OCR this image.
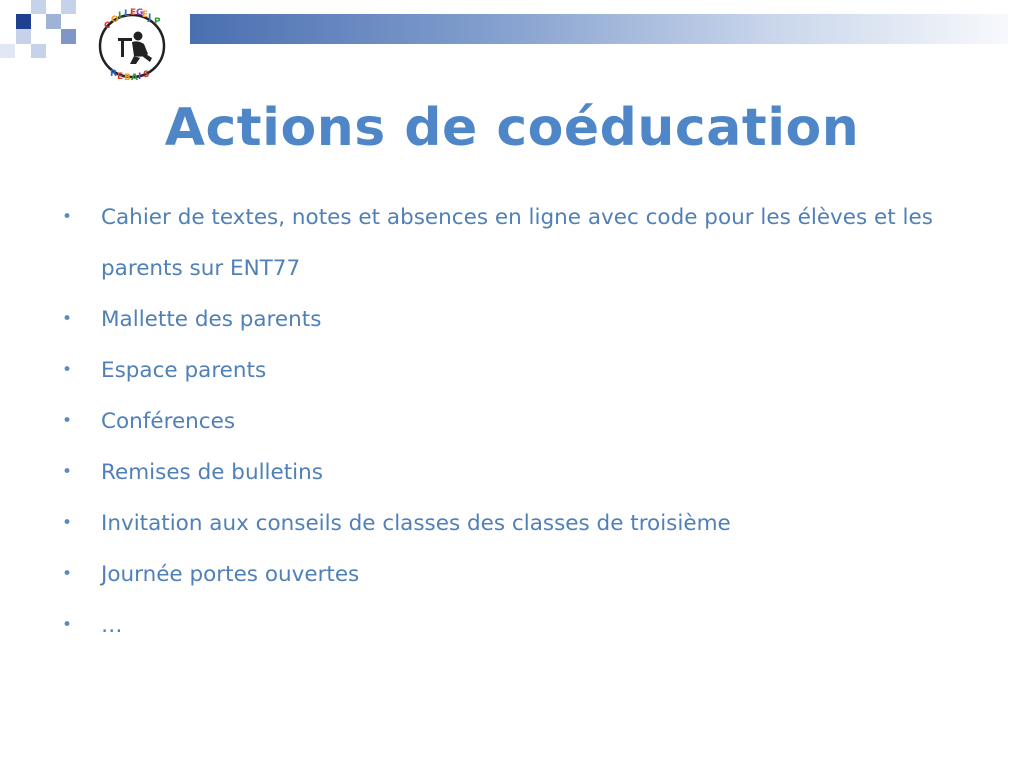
C
O L L E G
E J P
R E B A I S
Actions de coéducation
• Cahier de textes, notes et absences en ligne avec code pour les élèves et les parents sur ENT77
• Mallette des parents
• Espace parents
• Conférences
• Remises de bulletins
• Invitation aux conseils de classes des classes de troisième
• Journée portes ouvertes
• …
